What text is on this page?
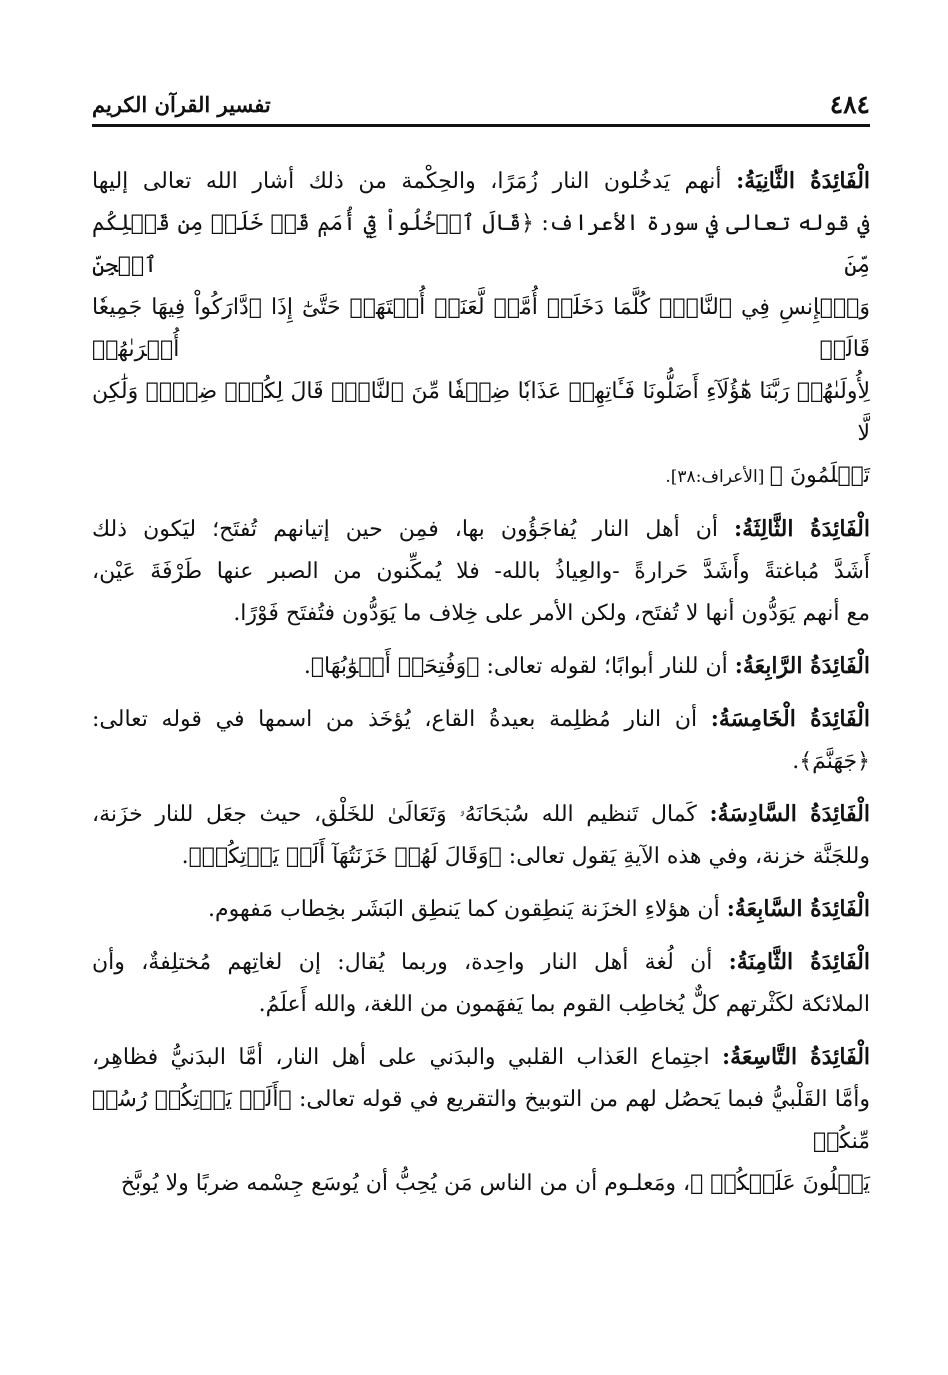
٤٨٤
تفسير القرآن الكريم
الْفَائِدَةُ الثَّانِيَةُ: أنهم يَدخُلون النار زُمَرًا، والحِكْمة من ذلك أشار الله تعالى إليها
في قوله تعالى في سورة الأعراف: ﴿قَالَ ٱدۡخُلُواْ فِيٓ أُمَمٖ قَدۡ خَلَتۡ مِن قَبۡلِكُم مِّنَ ٱلۡجِنِّ
وَٱلۡإِنسِ فِي ٱلنَّارِۖ كُلَّمَا دَخَلَتۡ أُمَّةٞ لَّعَنَتۡ أُخۡتَهَاۖ حَتَّىٰٓ إِذَا ٱدَّارَكُواْ فِيهَا جَمِيعٗا قَالَتۡ أُخۡرَىٰهُمۡ
لِأُولَىٰهُمۡ رَبَّنَا هَٰٓؤُلَآءِ أَضَلُّونَا فَـَٔاتِهِمۡ عَذَابٗا ضِعۡفٗا مِّنَ ٱلنَّارِۖ قَالَ لِكُلّٖ ضِعۡفٞ وَلَٰكِن لَّا
تَعۡلَمُونَ ﴾ [الأعراف:٣٨].
الْفَائِدَةُ الثَّالِثَةُ: أن أهل النار يُفاجَؤُون بها، فمِن حين إتيانهم تُفتَح؛ ليَكون ذلك
أَشَدَّ مُباغتةً وأَشَدَّ حَرارةً -والعِياذُ بالله- فلا يُمكِّنون من الصبر عنها طَرْفَةَ عَيْن،
مع أنهم يَوَدُّون أنها لا تُفتَح، ولكن الأمر على خِلاف ما يَوَدُّون فتُفتَح فَوْرًا.
الْفَائِدَةُ الرَّابِعَةُ: أن للنار أبوابًا؛ لقوله تعالى: ﴿وَفُتِحَتۡ أَبۡوَٰبُهَا﴾.
الْفَائِدَةُ الْخَامِسَةُ: أن النار مُظلِمة بعيدةُ القاع، يُؤخَذ من اسمها في قوله تعالى:
﴿جَهَنَّمَ﴾.
الْفَائِدَةُ السَّادِسَةُ: كَمال تَنظيم الله سُبۡحَانَهُۥ وَتَعَالَىٰ للخَلْق، حيث جعَل للنار خزَنة،
وللجَنَّة خزنة، وفي هذه الآيةِ يَقول تعالى: ﴿وَقَالَ لَهُمۡ خَزَنَتُهَآ أَلَمۡ يَأۡتِكُمۡ﴾.
الْفَائِدَةُ السَّابِعَةُ: أن هؤلاءِ الخزَنة يَنطِقون كما يَنطِق البَشَر بخِطاب مَفهوم.
الْفَائِدَةُ الثَّامِنَةُ: أن لُغة أهل النار واحِدة، وربما يُقال: إن لغاتِهم مُختلِفةٌ، وأن
الملائكة لكَثْرتهم كلٌّ يُخاطِب القوم بما يَفهَمون من اللغة، والله أَعلَمُ.
الْفَائِدَةُ التَّاسِعَةُ: اجتِماع العَذاب القلبي والبدَني على أهل النار، أمَّا البدَنيُّ فظاهِر،
وأمَّا القَلْبيُّ فبما يَحصُل لهم من التوبيخ والتقريع في قوله تعالى: ﴿أَلَمۡ يَأۡتِكُمۡ رُسُلٞ مِّنكُمۡ
يَتۡلُونَ عَلَيۡكُمۡ ﴾، ومَعلـوم أن من الناس مَن يُحِبُّ أن يُوسَع جِسْمه ضربًا ولا يُوبَّخ
